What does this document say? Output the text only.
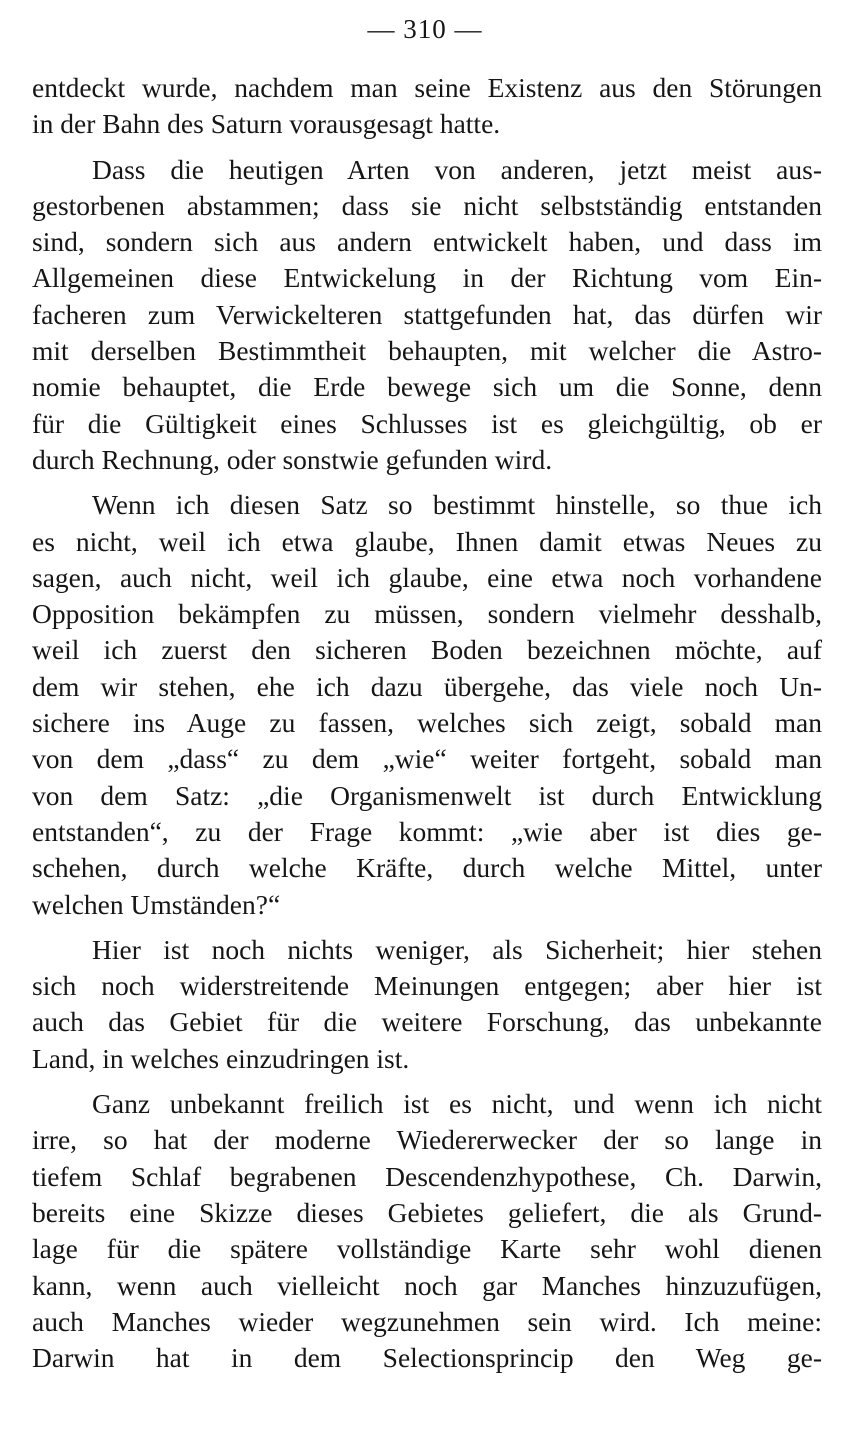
— 310 —
entdeckt wurde, nachdem man seine Existenz aus den Störungen
in der Bahn des Saturn vorausgesagt hatte.
Dass die heutigen Arten von anderen, jetzt meist aus-
gestorbenen abstammen; dass sie nicht selbstständig entstanden
sind, sondern sich aus andern entwickelt haben, und dass im
Allgemeinen diese Entwickelung in der Richtung vom Ein-
facheren zum Verwickelteren stattgefunden hat, das dürfen wir
mit derselben Bestimmtheit behaupten, mit welcher die Astro-
nomie behauptet, die Erde bewege sich um die Sonne, denn
für die Gültigkeit eines Schlusses ist es gleichgültig, ob er
durch Rechnung, oder sonstwie gefunden wird.
Wenn ich diesen Satz so bestimmt hinstelle, so thue ich
es nicht, weil ich etwa glaube, Ihnen damit etwas Neues zu
sagen, auch nicht, weil ich glaube, eine etwa noch vorhandene
Opposition bekämpfen zu müssen, sondern vielmehr desshalb,
weil ich zuerst den sicheren Boden bezeichnen möchte, auf
dem wir stehen, ehe ich dazu übergehe, das viele noch Un-
sichere ins Auge zu fassen, welches sich zeigt, sobald man
von dem „dass“ zu dem „wie“ weiter fortgeht, sobald man
von dem Satz: „die Organismenwelt ist durch Entwicklung
entstanden“, zu der Frage kommt: „wie aber ist dies ge-
schehen, durch welche Kräfte, durch welche Mittel, unter
welchen Umständen?“
Hier ist noch nichts weniger, als Sicherheit; hier stehen
sich noch widerstreitende Meinungen entgegen; aber hier ist
auch das Gebiet für die weitere Forschung, das unbekannte
Land, in welches einzudringen ist.
Ganz unbekannt freilich ist es nicht, und wenn ich nicht
irre, so hat der moderne Wiedererwecker der so lange in
tiefem Schlaf begrabenen Descendenzhypothese, Ch. Darwin,
bereits eine Skizze dieses Gebietes geliefert, die als Grund-
lage für die spätere vollständige Karte sehr wohl dienen
kann, wenn auch vielleicht noch gar Manches hinzuzufügen,
auch Manches wieder wegzunehmen sein wird. Ich meine:
Darwin hat in dem Selectionsprincip den Weg ge-
